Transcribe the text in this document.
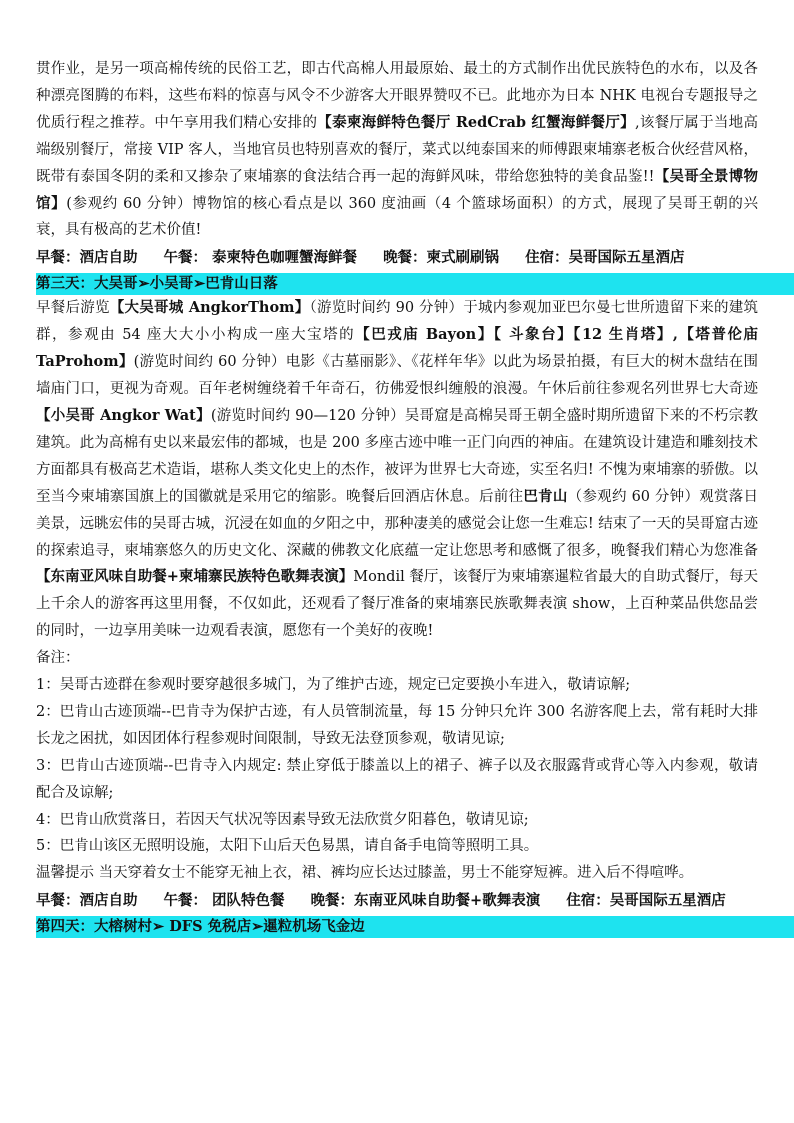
贯作业，是另一项高棉传统的民俗工艺，即古代高棉人用最原始、最土的方式制作出优民族特色的水布，以及各种漂亮图腾的布料，这些布料的惊喜与风令不少游客大开眼界赞叹不已。此地亦为日本 NHK 电视台专题报导之优质行程之推荐。中午享用我们精心安排的【泰柬海鲜特色餐厅 RedCrab 红蟹海鲜餐厅】,该餐厅属于当地高端级别餐厅，常接 VIP 客人，当地官员也特别喜欢的餐厅，菜式以纯泰国来的师傅跟柬埔寨老板合伙经营风格，既带有泰国冬阴的柔和又掺杂了柬埔寨的食法结合再一起的海鲜风味，带给您独特的美食品鉴!!【吴哥全景博物馆】(参观约 60 分钟）博物馆的核心看点是以 360 度油画（4 个篮球场面积）的方式，展现了吴哥王朝的兴衰，具有极高的艺术价值!

早餐：酒店自助 午餐： 泰柬特色咖喱蟹海鲜餐 晚餐：柬式刷刷锅 住宿：吴哥国际五星酒店
第三天：大吴哥➢小吴哥➢巴肯山日落

早餐后游览【大吴哥城 AngkorThom】（游览时间约 90 分钟）于城内参观加亚巴尔曼七世所遗留下来的建筑群，参观由 54 座大大小小构成一座大宝塔的【巴戎庙 Bayon】【 斗象台】【12 生肖塔】,【塔普伦庙 TaProhom】(游览时间约 60 分钟）电影《古墓丽影》、《花样年华》以此为场景拍摄，有巨大的树木盘结在围墙庙门口，更视为奇观。百年老树缠绕着千年奇石，彷佛爱恨纠缠般的浪漫。午休后前往参观名列世界七大奇迹【小吴哥 Angkor Wat】(游览时间约 90—120 分钟）吴哥窟是高棉吴哥王朝全盛时期所遗留下来的不朽宗教建筑。此为高棉有史以来最宏伟的都城，也是 200 多座古迹中唯一正门向西的神庙。在建筑设计建造和雕刻技术方面都具有极高艺术造诣，堪称人类文化史上的杰作，被评为世界七大奇迹，实至名归! 不愧为柬埔寨的骄傲。以至当今柬埔寨国旗上的国徽就是采用它的缩影。晚餐后回酒店休息。后前往巴肯山（参观约 60 分钟）观赏落日美景，远眺宏伟的吴哥古城，沉浸在如血的夕阳之中，那种凄美的感觉会让您一生难忘! 结束了一天的吴哥窟古迹的探索追寻，柬埔寨悠久的历史文化、深藏的佛教文化底蕴一定让您思考和感慨了很多，晚餐我们精心为您准备【东南亚风味自助餐+柬埔寨民族特色歌舞表演】Mondil 餐厅，该餐厅为柬埔寨暹粒省最大的自助式餐厅，每天上千余人的游客再这里用餐，不仅如此，还观看了餐厅准备的柬埔寨民族歌舞表演 show，上百种菜品供您品尝的同时，一边享用美味一边观看表演，愿您有一个美好的夜晚!

备注：

1：吴哥古迹群在参观时要穿越很多城门，为了维护古迹，规定已定要换小车进入，敬请谅解;

2：巴肯山古迹顶端--巴肯寺为保护古迹，有人员管制流量，每 15 分钟只允许 300 名游客爬上去，常有耗时大排长龙之困扰，如因团体行程参观时间限制，导致无法登顶参观，敬请见谅;

3：巴肯山古迹顶端--巴肯寺入内规定: 禁止穿低于膝盖以上的裙子、裤子以及衣服露背或背心等入内参观，敬请配合及谅解;

4：巴肯山欣赏落日，若因天气状况等因素导致无法欣赏夕阳暮色，敬请见谅;

5：巴肯山该区无照明设施，太阳下山后天色易黑，请自备手电筒等照明工具。

温馨提示 当天穿着女士不能穿无袖上衣，裙、裤均应长达过膝盖，男士不能穿短裤。进入后不得喧哗。

早餐：酒店自助 午餐： 团队特色餐 晚餐：东南亚风味自助餐+歌舞表演 住宿：吴哥国际五星酒店
第四天：大榕树村➢ DFS 免税店➢暹粒机场飞金边
